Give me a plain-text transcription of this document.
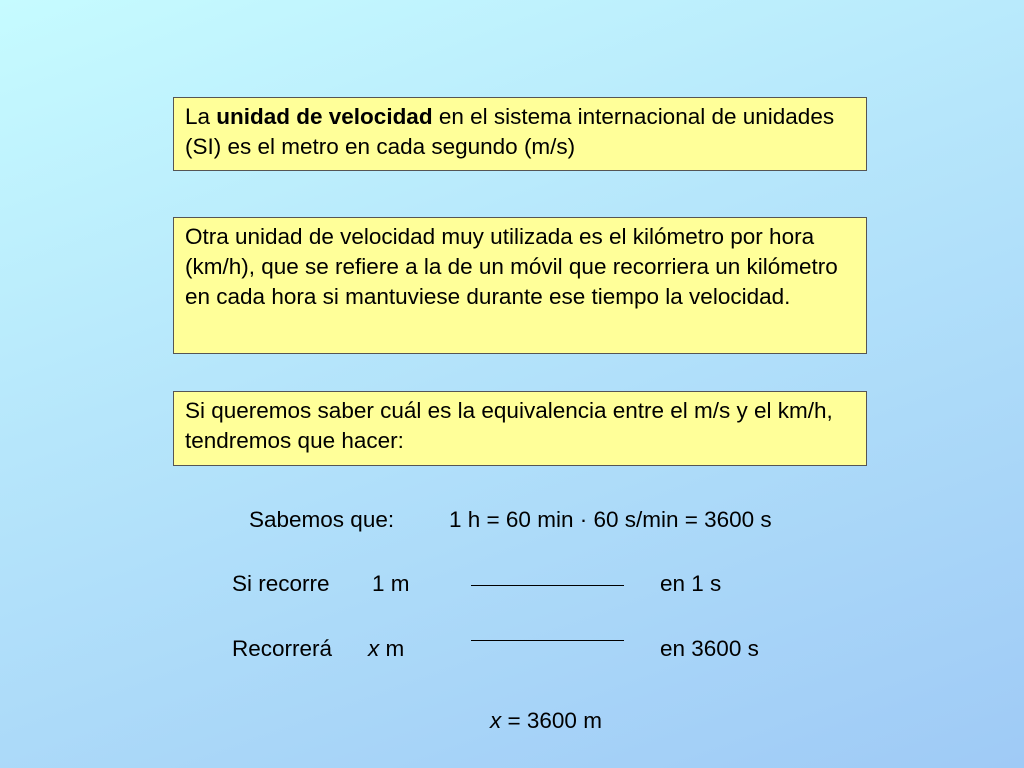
La unidad de velocidad en el sistema internacional de unidades (SI) es el metro en cada segundo (m/s)
Otra unidad de velocidad muy utilizada es el kilómetro por hora (km/h), que se refiere a la de un móvil que recorriera un kilómetro en cada hora si mantuviese durante ese tiempo la velocidad.
Si queremos saber cuál es la equivalencia entre el m/s y el km/h, tendremos que hacer:
Sabemos que: 1 h = 60 min · 60 s/min = 3600 s
Si recorre 1 m	en 1 s
Recorrerá x m	en 3600 s
x = 3600 m
